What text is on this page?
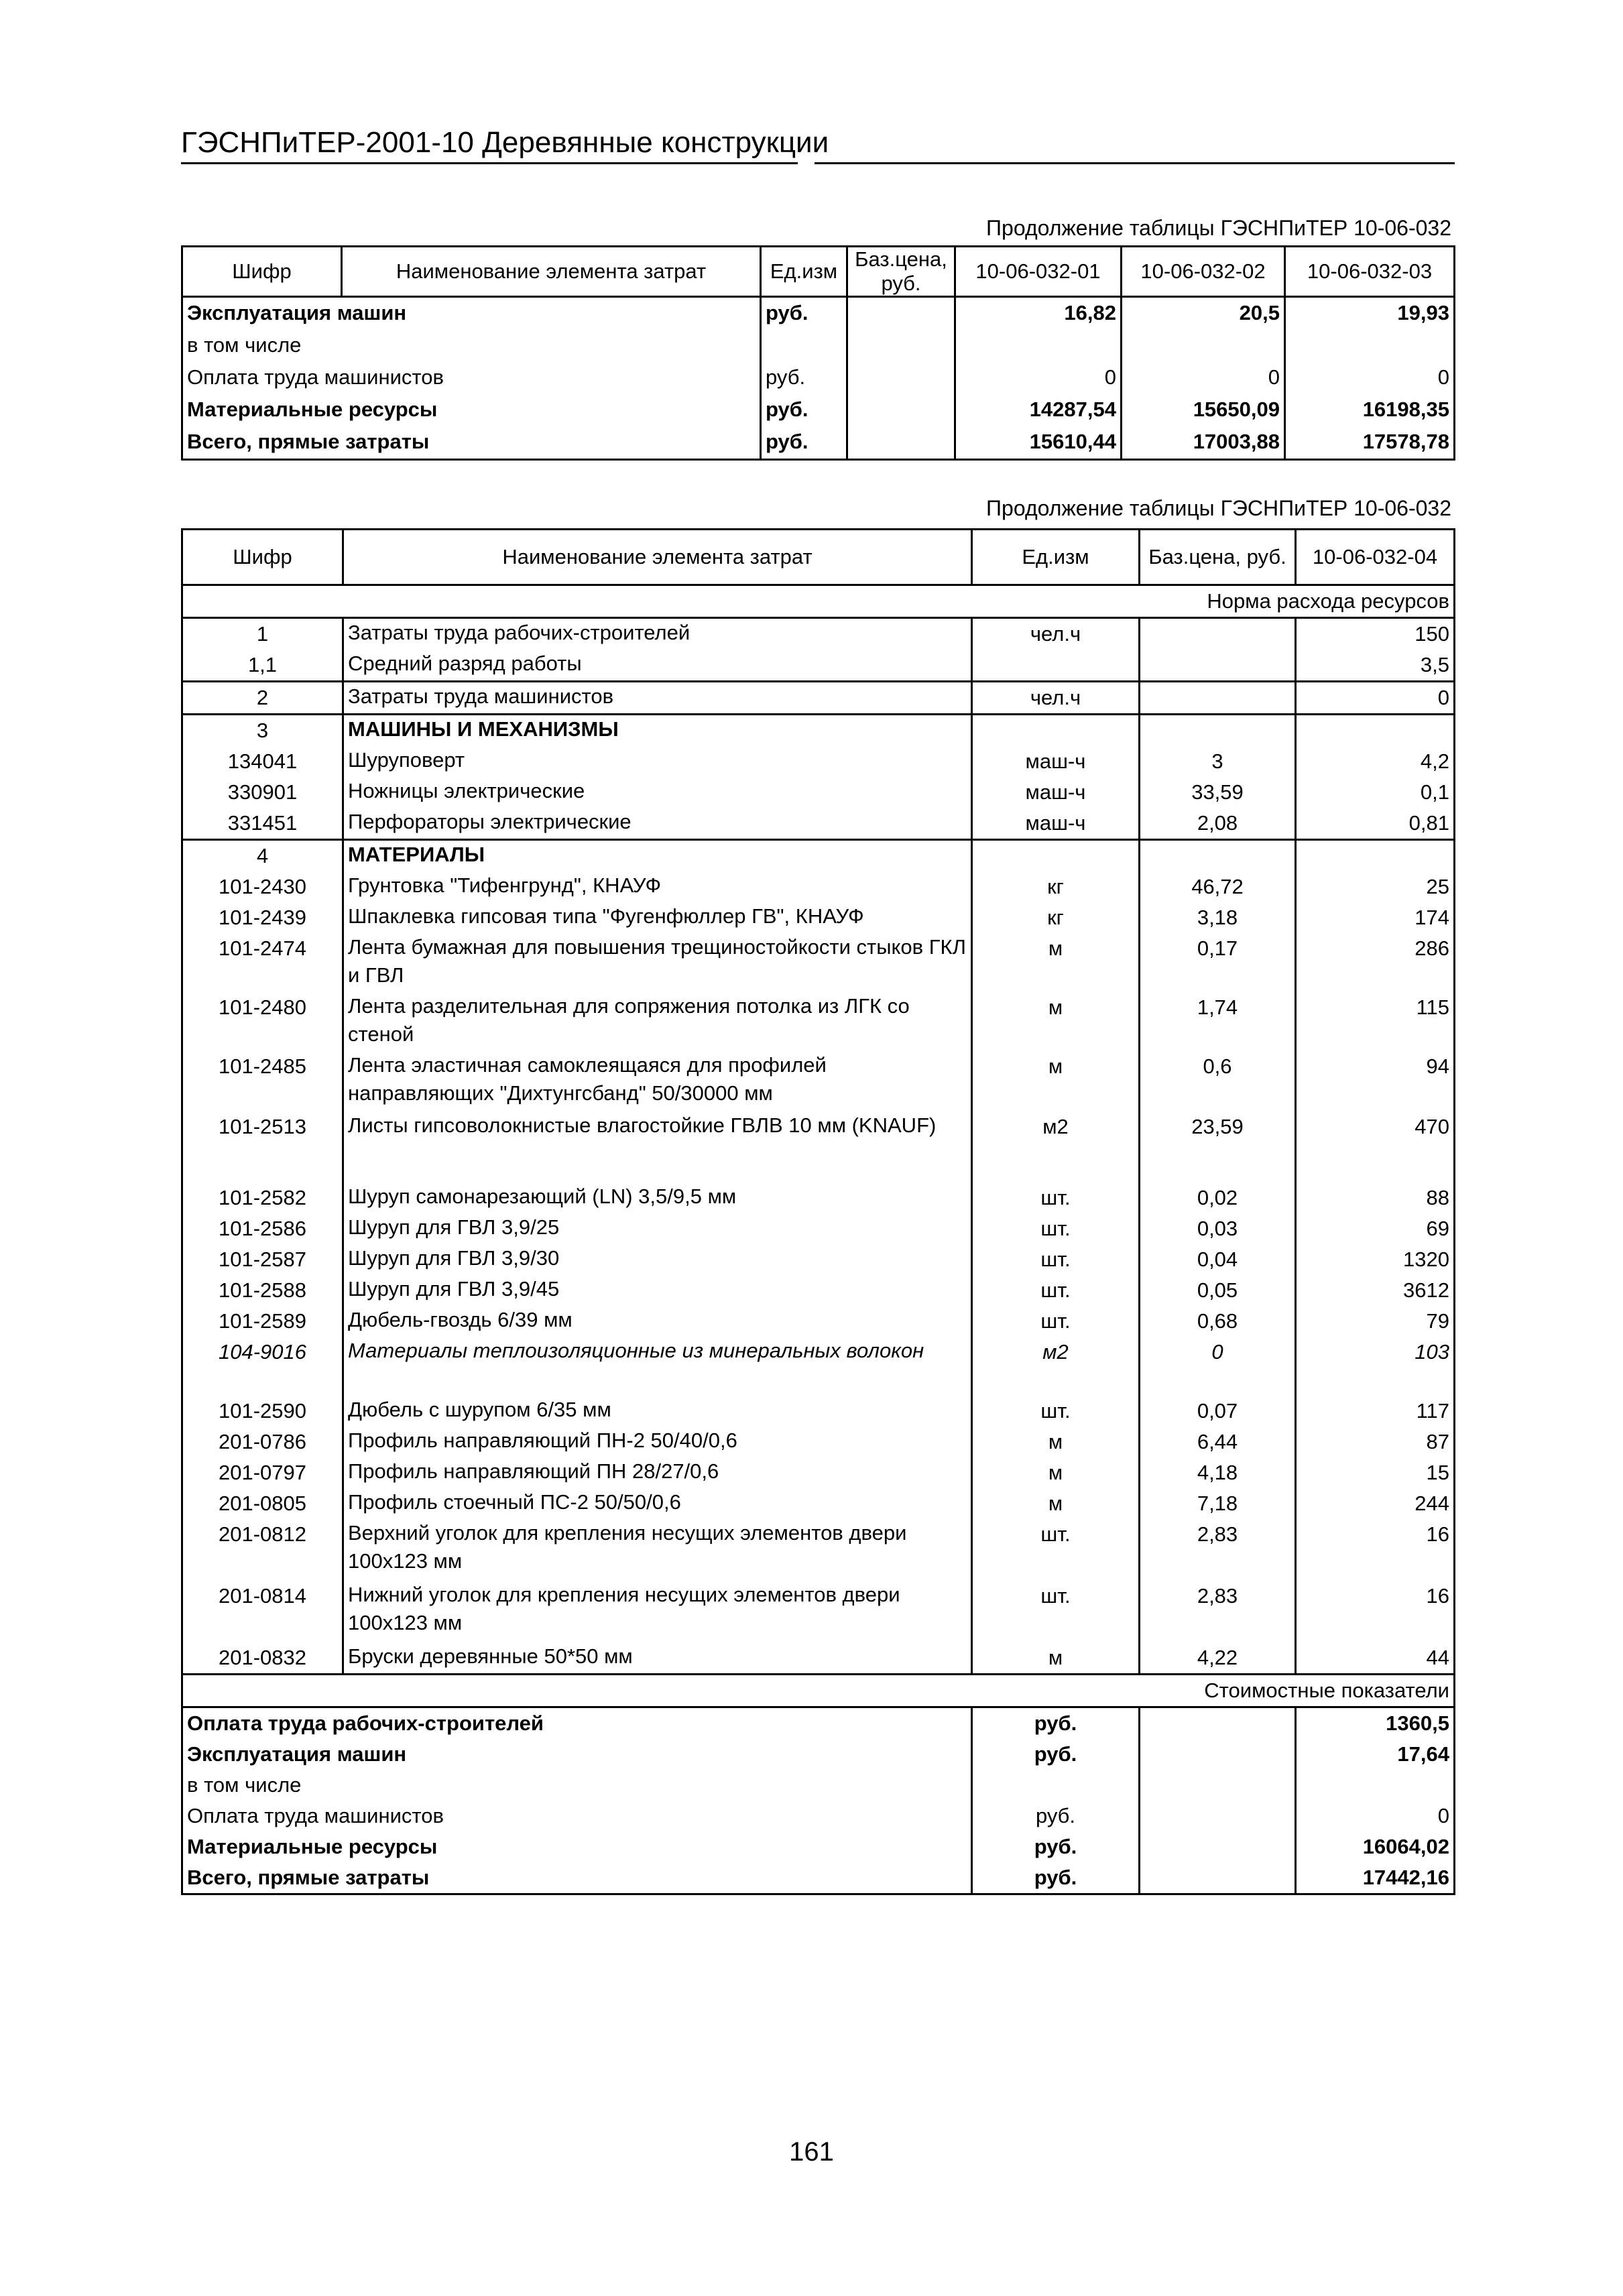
ГЭСНПиТЕР-2001-10 Деревянные конструкции
Продолжение таблицы ГЭСНПиТЕР 10-06-032
Шифр	Наименование элемента затрат	Ед.изм	Баз.цена, руб.	10-06-032-01	10-06-032-02	10-06-032-03
Эксплуатация машин		руб.		16,82	20,5	19,93
в том числе						
Оплата труда машинистов		руб.		0	0	0
Материальные ресурсы		руб.		14287,54	15650,09	16198,35
Всего, прямые затраты		руб.		15610,44	17003,88	17578,78
Продолжение таблицы ГЭСНПиТЕР 10-06-032
Шифр	Наименование элемента затрат	Ед.изм	Баз.цена, руб.	10-06-032-04
Норма расхода ресурсов				
1	Затраты труда рабочих-строителей	чел.ч		150
1,1	Средний разряд работы			3,5
2	Затраты труда машинистов	чел.ч		0
3	МАШИНЫ И МЕХАНИЗМЫ			
134041	Шуруповерт	маш-ч	3	4,2
330901	Ножницы электрические	маш-ч	33,59	0,1
331451	Перфораторы электрические	маш-ч	2,08	0,81
4	МАТЕРИАЛЫ			
101-2430	Грунтовка "Тифенгрунд", КНАУФ	кг	46,72	25
101-2439	Шпаклевка гипсовая типа "Фугенфюллер ГВ", КНАУФ	кг	3,18	174
101-2474	Лента бумажная для повышения трещиностойкости стыков ГКЛ и ГВЛ	м	0,17	286
101-2480	Лента разделительная для сопряжения потолка из ЛГК со стеной	м	1,74	115
101-2485	Лента эластичная самоклеящаяся для профилей направляющих "Дихтунгсбанд" 50/30000 мм	м	0,6	94
101-2513	Листы гипсоволокнистые влагостойкие ГВЛВ 10 мм (KNAUF)	м2	23,59	470
101-2582	Шуруп самонарезающий (LN) 3,5/9,5 мм	шт.	0,02	88
101-2586	Шуруп для ГВЛ 3,9/25	шт.	0,03	69
101-2587	Шуруп для ГВЛ 3,9/30	шт.	0,04	1320
101-2588	Шуруп для ГВЛ 3,9/45	шт.	0,05	3612
101-2589	Дюбель-гвоздь 6/39 мм	шт.	0,68	79
104-9016	Материалы теплоизоляционные из минеральных волокон	м2	0	103
101-2590	Дюбель с шурупом 6/35 мм	шт.	0,07	117
201-0786	Профиль направляющий ПН-2 50/40/0,6	м	6,44	87
201-0797	Профиль направляющий ПН 28/27/0,6	м	4,18	15
201-0805	Профиль стоечный ПС-2 50/50/0,6	м	7,18	244
201-0812	Верхний уголок для крепления несущих элементов двери 100x123 мм	шт.	2,83	16
201-0814	Нижний уголок для крепления несущих элементов двери 100x123 мм	шт.	2,83	16
201-0832	Бруски деревянные 50*50 мм	м	4,22	44
Стоимостные показатели				
Оплата труда рабочих-строителей		руб.		1360,5
Эксплуатация машин		руб.		17,64
в том числе				
Оплата труда машинистов		руб.		0
Материальные ресурсы		руб.		16064,02
Всего, прямые затраты		руб.		17442,16
161
